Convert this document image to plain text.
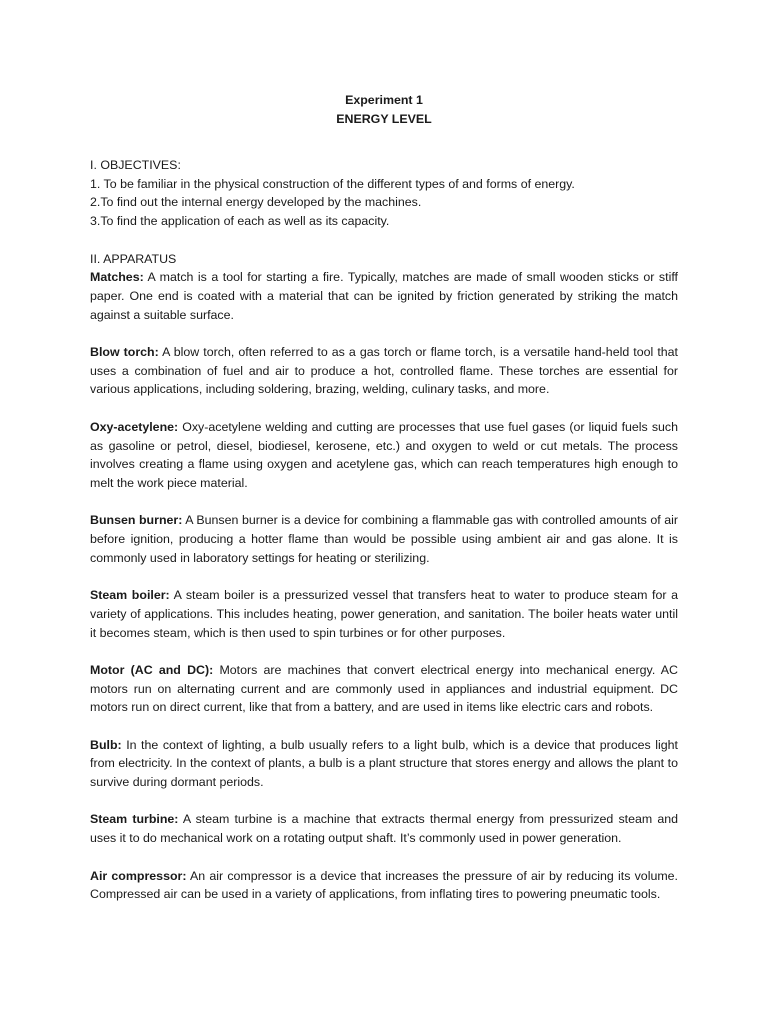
Experiment 1
ENERGY LEVEL

I. OBJECTIVES:

1. To be familiar in the physical construction of the different types of and forms of energy.

2.To find out the internal energy developed by the machines.

3.To find the application of each as well as its capacity.

II. APPARATUS

Matches: A match is a tool for starting a fire. Typically, matches are made of small wooden sticks or stiff paper. One end is coated with a material that can be ignited by friction generated by striking the match against a suitable surface.

Blow torch: A blow torch, often referred to as a gas torch or flame torch, is a versatile hand-held tool that uses a combination of fuel and air to produce a hot, controlled flame. These torches are essential for various applications, including soldering, brazing, welding, culinary tasks, and more.

Oxy-acetylene: Oxy-acetylene welding and cutting are processes that use fuel gases (or liquid fuels such as gasoline or petrol, diesel, biodiesel, kerosene, etc.) and oxygen to weld or cut metals. The process involves creating a flame using oxygen and acetylene gas, which can reach temperatures high enough to melt the work piece material.

Bunsen burner: A Bunsen burner is a device for combining a flammable gas with controlled amounts of air before ignition, producing a hotter flame than would be possible using ambient air and gas alone. It is commonly used in laboratory settings for heating or sterilizing.

Steam boiler: A steam boiler is a pressurized vessel that transfers heat to water to produce steam for a variety of applications. This includes heating, power generation, and sanitation. The boiler heats water until it becomes steam, which is then used to spin turbines or for other purposes.

Motor (AC and DC): Motors are machines that convert electrical energy into mechanical energy. AC motors run on alternating current and are commonly used in appliances and industrial equipment. DC motors run on direct current, like that from a battery, and are used in items like electric cars and robots.

Bulb: In the context of lighting, a bulb usually refers to a light bulb, which is a device that produces light from electricity. In the context of plants, a bulb is a plant structure that stores energy and allows the plant to survive during dormant periods.

Steam turbine: A steam turbine is a machine that extracts thermal energy from pressurized steam and uses it to do mechanical work on a rotating output shaft. It’s commonly used in power generation.

Air compressor: An air compressor is a device that increases the pressure of air by reducing its volume. Compressed air can be used in a variety of applications, from inflating tires to powering pneumatic tools.
